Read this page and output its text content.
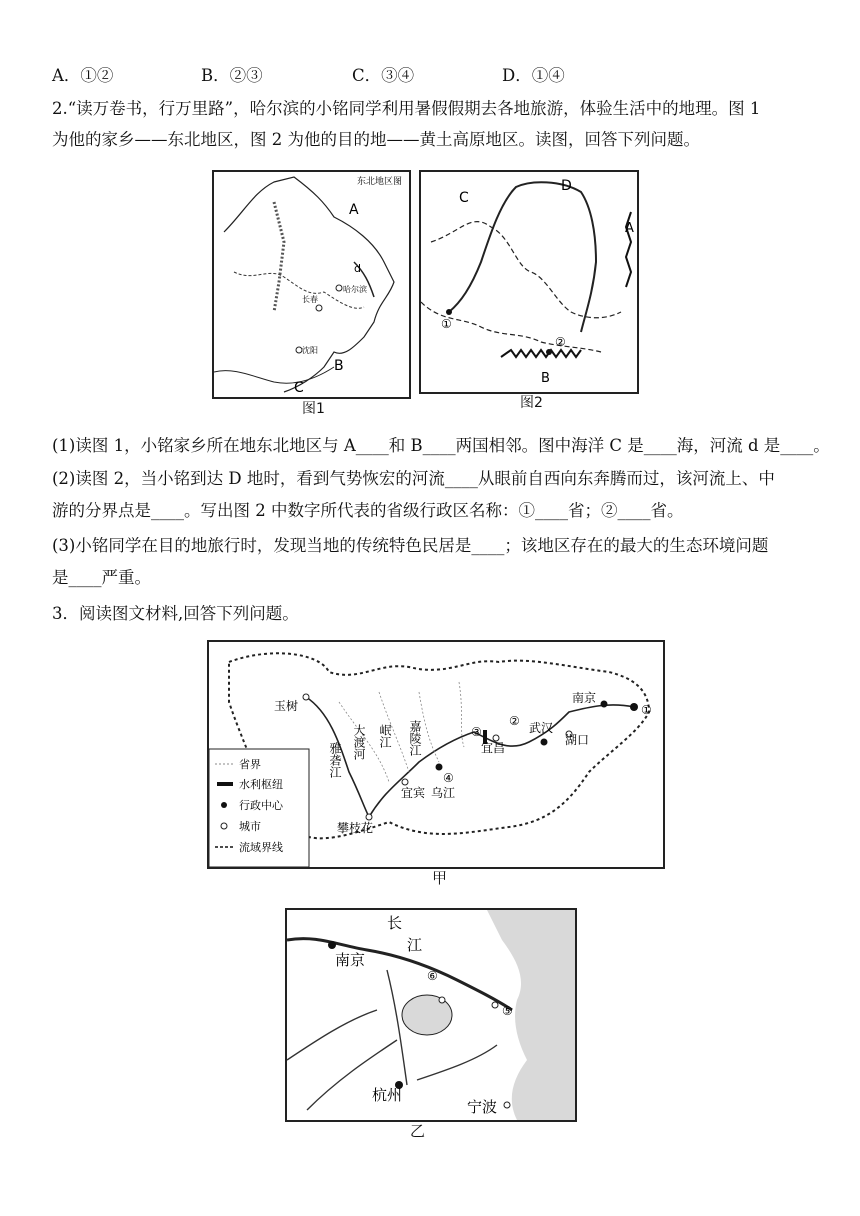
A．①②	B．②③	C．③④	D．①④
2.“读万卷书，行万里路”，哈尔滨的小铭同学利用暑假假期去各地旅游，体验生活中的地理。图 1
为他的家乡——东北地区，图 2 为他的目的地——黄土高原地区。读图，回答下列问题。
东北地区图
A
B
C
d
哈尔滨
长春
沈阳
图1
C
D
A
B
①
②
图2
(1)读图 1，小铭家乡所在地东北地区与 A____和 B____两国相邻。图中海洋 C 是____海，河流 d 是____。
(2)读图 2，当小铭到达 D 地时，看到气势恢宏的河流____从眼前自西向东奔腾而过，该河流上、中
游的分界点是____。写出图 2 中数字所代表的省级行政区名称：①____省；②____省。
(3)小铭同学在目的地旅行时，发现当地的传统特色民居是____；该地区存在的最大的生态环境问题
是____严重。
3．阅读图文材料,回答下列问题。
玉树	①
南京
武汉
湖口
宜昌
③
②
④
宜宾
攀枝花
乌江
雅砻江 大渡河 岷江 嘉陵江
省界
水利枢纽
行政中心
城市
流域界线
甲
长
江
南京
⑥
⑤
杭州
宁波
乙
